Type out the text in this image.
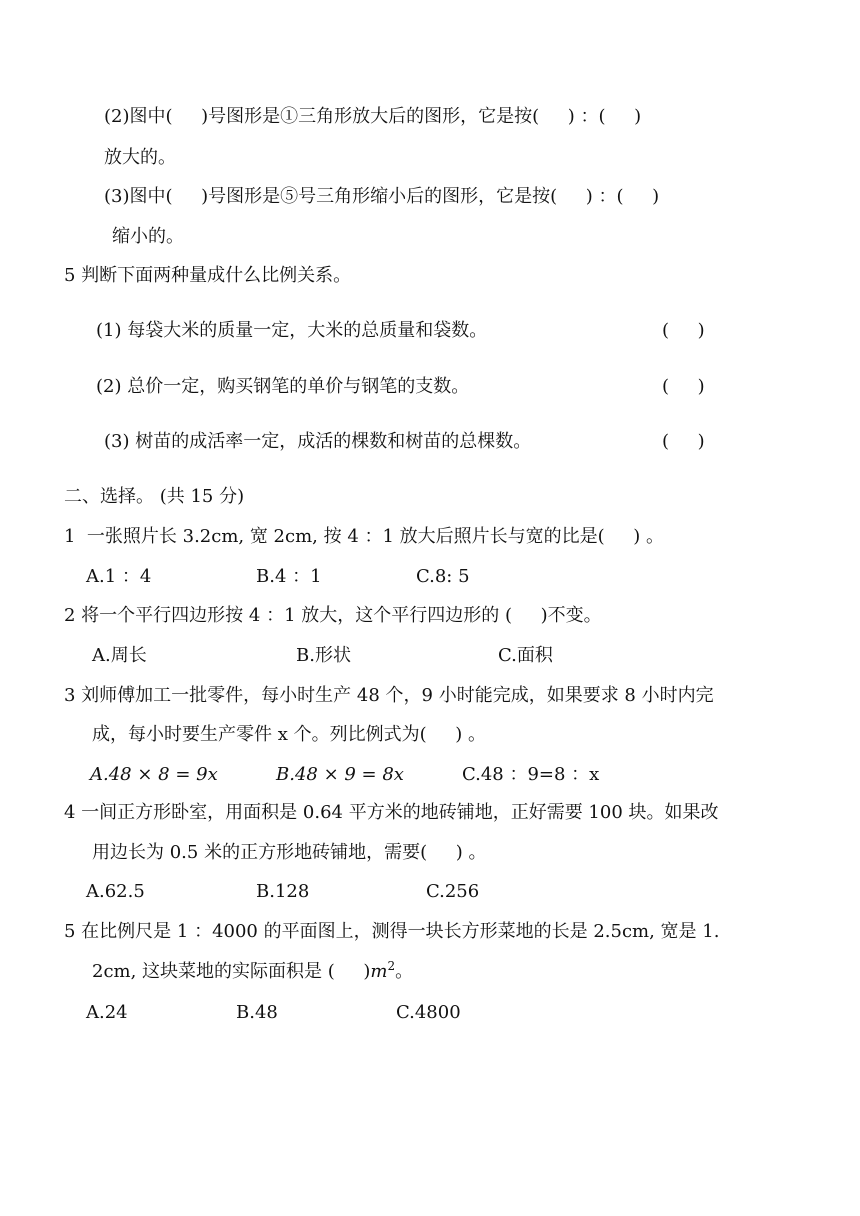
(2)图中(     )号图形是①三角形放大后的图形，它是按(     ) ：(     )
放大的。
(3)图中(     )号图形是⑤号三角形缩小后的图形，它是按(     ) ：(     )
缩小的。
5 判断下面两种量成什么比例关系。
(1) 每袋大米的质量一定，大米的总质量和袋数。	(     )
(2) 总价一定，购买钢笔的单价与钢笔的支数。	(     )
(3) 树苗的成活率一定，成活的棵数和树苗的总棵数。	(     )
二、选择。 (共 15 分)
1  一张照片长 3.2cm, 宽 2cm, 按 4 ：1 放大后照片长与宽的比是(     ) 。
A.1 ：4	B.4 ：1	C.8: 5
2 将一个平行四边形按 4 ：1 放大，这个平行四边形的 (     )不变。
A.周长	B.形状	C.面积
3 刘师傅加工一批零件，每小时生产 48 个，9 小时能完成，如果要求 8 小时内完
成，每小时要生产零件 x 个。列比例式为(     ) 。
A.48 × 8 = 9x	B.48 × 9 = 8x	C.48 ：9=8 ：x
4 一间正方形卧室，用面积是 0.64 平方米的地砖铺地，正好需要 100 块。如果改
用边长为 0.5 米的正方形地砖铺地，需要(     ) 。
A.62.5	B.128	C.256
5 在比例尺是 1 ：4000 的平面图上，测得一块长方形菜地的长是 2.5cm, 宽是 1.
2cm, 这块菜地的实际面积是 (     )$m^2$。
A.24	B.48	C.4800
